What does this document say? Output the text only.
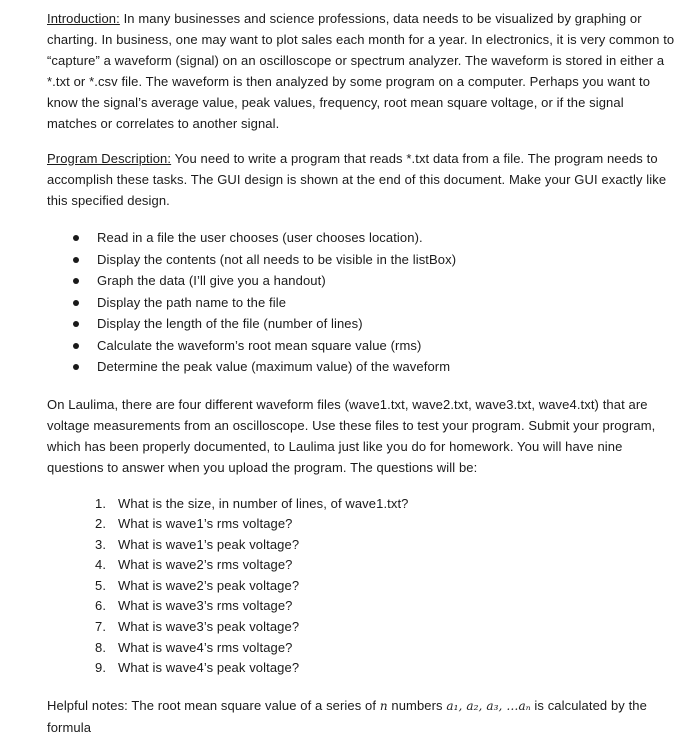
Introduction: In many businesses and science professions, data needs to be visualized by graphing or charting. In business, one may want to plot sales each month for a year. In electronics, it is very common to “capture” a waveform (signal) on an oscilloscope or spectrum analyzer. The waveform is stored in either a *.txt or *.csv file. The waveform is then analyzed by some program on a computer. Perhaps you want to know the signal’s average value, peak values, frequency, root mean square voltage, or if the signal matches or correlates to another signal.

Program Description: You need to write a program that reads *.txt data from a file. The program needs to accomplish these tasks. The GUI design is shown at the end of this document. Make your GUI exactly like this specified design.

Read in a file the user chooses (user chooses location).
Display the contents (not all needs to be visible in the listBox)
Graph the data (I’ll give you a handout)
Display the path name to the file
Display the length of the file (number of lines)
Calculate the waveform’s root mean square value (rms)
Determine the peak value (maximum value) of the waveform

On Laulima, there are four different waveform files (wave1.txt, wave2.txt, wave3.txt, wave4.txt) that are voltage measurements from an oscilloscope. Use these files to test your program. Submit your program, which has been properly documented, to Laulima just like you do for homework. You will have nine questions to answer when you upload the program. The questions will be:

1. What is the size, in number of lines, of wave1.txt?
2. What is wave1’s rms voltage?
3. What is wave1’s peak voltage?
4. What is wave2’s rms voltage?
5. What is wave2’s peak voltage?
6. What is wave3’s rms voltage?
7. What is wave3’s peak voltage?
8. What is wave4’s rms voltage?
9. What is wave4’s peak voltage?

Helpful notes: The root mean square value of a series of n numbers a₁, a₂, a₃, …aₙ is calculated by the
formula
